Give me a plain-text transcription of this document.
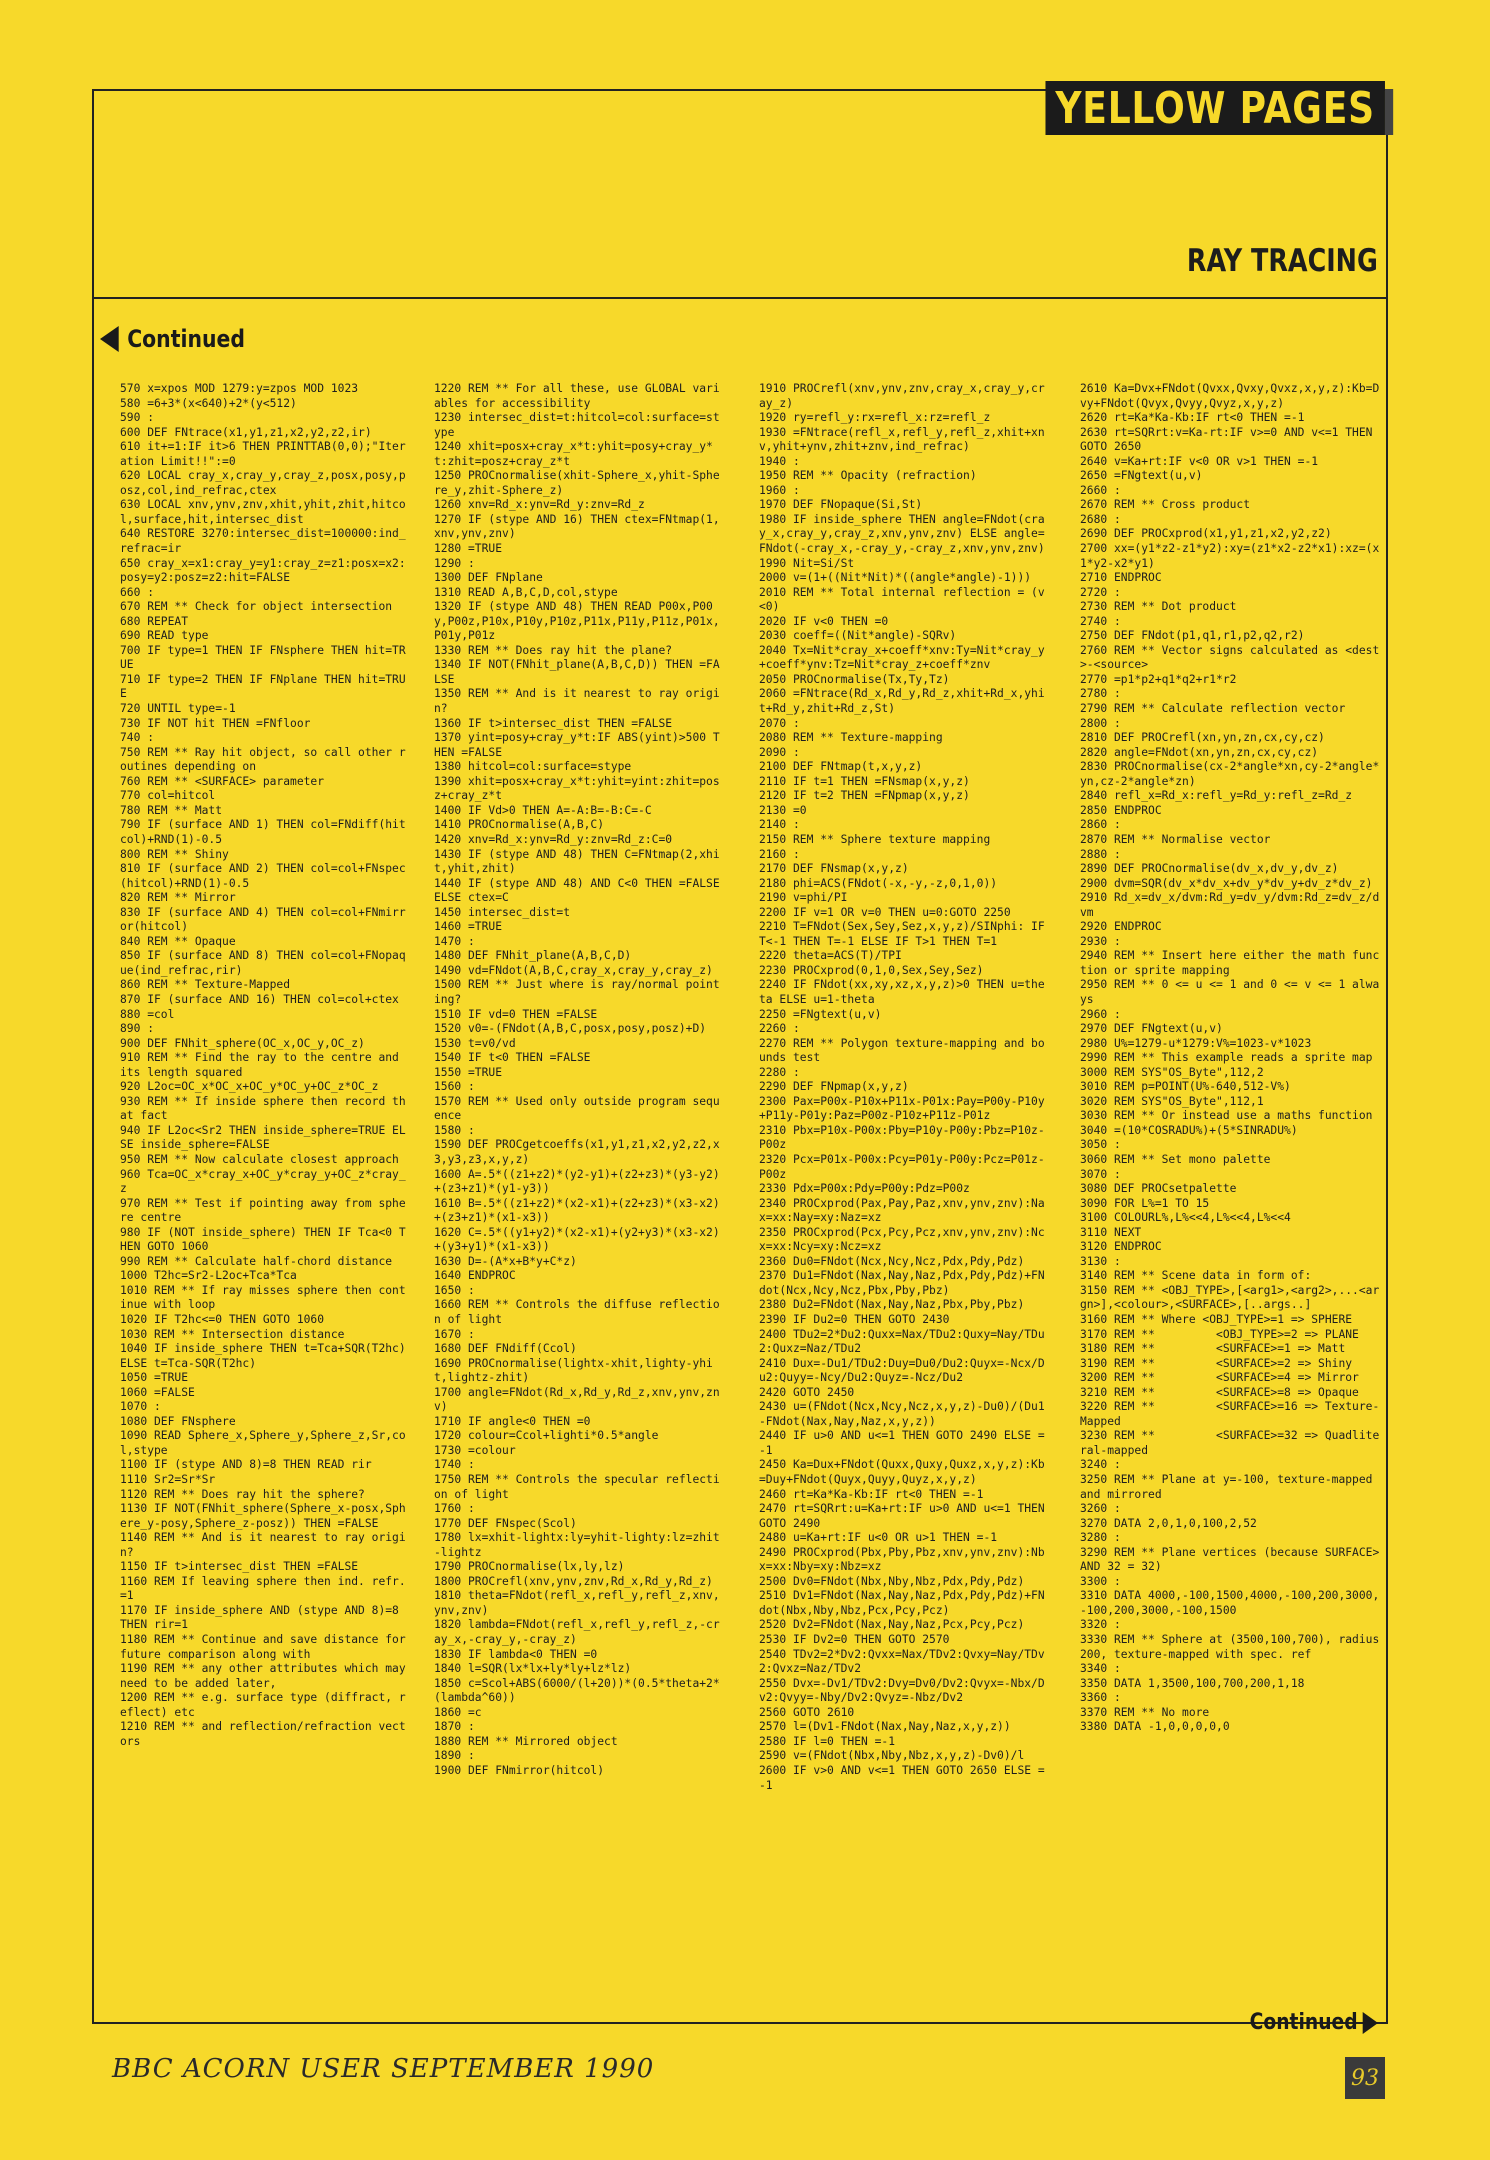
YELLOW PAGES
RAY TRACING
Continued
570 x=xpos MOD 1279:y=zpos MOD 1023
580 =6+3*(x<640)+2*(y<512)
590 :
600 DEF FNtrace(x1,y1,z1,x2,y2,z2,ir)
610 it+=1:IF it>6 THEN PRINTTAB(0,0);"Iteration Limit!!":=0
620 LOCAL cray_x,cray_y,cray_z,posx,posy,posz,col,ind_refrac,ctex
630 LOCAL xnv,ynv,znv,xhit,yhit,zhit,hitcol,surface,hit,intersec_dist
640 RESTORE 3270:intersec_dist=100000:ind_refrac=ir
650 cray_x=x1:cray_y=y1:cray_z=z1:posx=x2:posy=y2:posz=z2:hit=FALSE
660 :
670 REM ** Check for object intersection
680 REPEAT
690 READ type
700 IF type=1 THEN IF FNsphere THEN hit=TRUE
710 IF type=2 THEN IF FNplane THEN hit=TRUE
720 UNTIL type=-1
730 IF NOT hit THEN =FNfloor
740 :
750 REM ** Ray hit object, so call other routines depending on
760 REM ** <SURFACE> parameter
770 col=hitcol
780 REM ** Matt
790 IF (surface AND 1) THEN col=FNdiff(hitcol)+RND(1)-0.5
800 REM ** Shiny
810 IF (surface AND 2) THEN col=col+FNspec(hitcol)+RND(1)-0.5
820 REM ** Mirror
830 IF (surface AND 4) THEN col=col+FNmirror(hitcol)
840 REM ** Opaque
850 IF (surface AND 8) THEN col=col+FNopaque(ind_refrac,rir)
860 REM ** Texture-Mapped
870 IF (surface AND 16) THEN col=col+ctex
880 =col
890 :
900 DEF FNhit_sphere(OC_x,OC_y,OC_z)
910 REM ** Find the ray to the centre and its length squared
920 L2oc=OC_x*OC_x+OC_y*OC_y+OC_z*OC_z
930 REM ** If inside sphere then record that fact
940 IF L2oc<Sr2 THEN inside_sphere=TRUE ELSE inside_sphere=FALSE
950 REM ** Now calculate closest approach
960 Tca=OC_x*cray_x+OC_y*cray_y+OC_z*cray_z
970 REM ** Test if pointing away from sphere centre
980 IF (NOT inside_sphere) THEN IF Tca<0 THEN GOTO 1060
990 REM ** Calculate half-chord distance
1000 T2hc=Sr2-L2oc+Tca*Tca
1010 REM ** If ray misses sphere then continue with loop
1020 IF T2hc<=0 THEN GOTO 1060
1030 REM ** Intersection distance
1040 IF inside_sphere THEN t=Tca+SQR(T2hc) ELSE t=Tca-SQR(T2hc)
1050 =TRUE
1060 =FALSE
1070 :
1080 DEF FNsphere
1090 READ Sphere_x,Sphere_y,Sphere_z,Sr,col,stype
1100 IF (stype AND 8)=8 THEN READ rir
1110 Sr2=Sr*Sr
1120 REM ** Does ray hit the sphere?
1130 IF NOT(FNhit_sphere(Sphere_x-posx,Sphere_y-posy,Sphere_z-posz)) THEN =FALSE
1140 REM ** And is it nearest to ray origin?
1150 IF t>intersec_dist THEN =FALSE
1160 REM If leaving sphere then ind. refr. =1
1170 IF inside_sphere AND (stype AND 8)=8 THEN rir=1
1180 REM ** Continue and save distance for future comparison along with
1190 REM ** any other attributes which may need to be added later,
1200 REM ** e.g. surface type (diffract, reflect) etc
1210 REM ** and reflection/refraction vectors
1220 REM ** For all these, use GLOBAL variables for accessibility
1230 intersec_dist=t:hitcol=col:surface=stype
1240 xhit=posx+cray_x*t:yhit=posy+cray_y*t:zhit=posz+cray_z*t
1250 PROCnormalise(xhit-Sphere_x,yhit-Sphere_y,zhit-Sphere_z)
1260 xnv=Rd_x:ynv=Rd_y:znv=Rd_z
1270 IF (stype AND 16) THEN ctex=FNtmap(1,xnv,ynv,znv)
1280 =TRUE
1290 :
1300 DEF FNplane
1310 READ A,B,C,D,col,stype
1320 IF (stype AND 48) THEN READ P00x,P00y,P00z,P10x,P10y,P10z,P11x,P11y,P11z,P01x,P01y,P01z
1330 REM ** Does ray hit the plane?
1340 IF NOT(FNhit_plane(A,B,C,D)) THEN =FALSE
1350 REM ** And is it nearest to ray origin?
1360 IF t>intersec_dist THEN =FALSE
1370 yint=posy+cray_y*t:IF ABS(yint)>500 THEN =FALSE
1380 hitcol=col:surface=stype
1390 xhit=posx+cray_x*t:yhit=yint:zhit=posz+cray_z*t
1400 IF Vd>0 THEN A=-A:B=-B:C=-C
1410 PROCnormalise(A,B,C)
1420 xnv=Rd_x:ynv=Rd_y:znv=Rd_z:C=0
1430 IF (stype AND 48) THEN C=FNtmap(2,xhit,yhit,zhit)
1440 IF (stype AND 48) AND C<0 THEN =FALSE ELSE ctex=C
1450 intersec_dist=t
1460 =TRUE
1470 :
1480 DEF FNhit_plane(A,B,C,D)
1490 vd=FNdot(A,B,C,cray_x,cray_y,cray_z)
1500 REM ** Just where is ray/normal pointing?
1510 IF vd=0 THEN =FALSE
1520 v0=-(FNdot(A,B,C,posx,posy,posz)+D)
1530 t=v0/vd
1540 IF t<0 THEN =FALSE
1550 =TRUE
1560 :
1570 REM ** Used only outside program sequence
1580 :
1590 DEF PROCgetcoeffs(x1,y1,z1,x2,y2,z2,x3,y3,z3,x,y,z)
1600 A=.5*((z1+z2)*(y2-y1)+(z2+z3)*(y3-y2)+(z3+z1)*(y1-y3))
1610 B=.5*((z1+z2)*(x2-x1)+(z2+z3)*(x3-x2)+(z3+z1)*(x1-x3))
1620 C=.5*((y1+y2)*(x2-x1)+(y2+y3)*(x3-x2)+(y3+y1)*(x1-x3))
1630 D=-(A*x+B*y+C*z)
1640 ENDPROC
1650 :
1660 REM ** Controls the diffuse reflection of light
1670 :
1680 DEF FNdiff(Ccol)
1690 PROCnormalise(lightx-xhit,lighty-yhit,lightz-zhit)
1700 angle=FNdot(Rd_x,Rd_y,Rd_z,xnv,ynv,znv)
1710 IF angle<0 THEN =0
1720 colour=Ccol+lighti*0.5*angle
1730 =colour
1740 :
1750 REM ** Controls the specular reflection of light
1760 :
1770 DEF FNspec(Scol)
1780 lx=xhit-lightx:ly=yhit-lighty:lz=zhit-lightz
1790 PROCnormalise(lx,ly,lz)
1800 PROCrefl(xnv,ynv,znv,Rd_x,Rd_y,Rd_z)
1810 theta=FNdot(refl_x,refl_y,refl_z,xnv,ynv,znv)
1820 lambda=FNdot(refl_x,refl_y,refl_z,-cray_x,-cray_y,-cray_z)
1830 IF lambda<0 THEN =0
1840 l=SQR(lx*lx+ly*ly+lz*lz)
1850 c=Scol+ABS(6000/(l+20))*(0.5*theta+2*(lambda^60))
1860 =c
1870 :
1880 REM ** Mirrored object
1890 :
1900 DEF FNmirror(hitcol)
1910 PROCrefl(xnv,ynv,znv,cray_x,cray_y,cray_z)
1920 ry=refl_y:rx=refl_x:rz=refl_z
1930 =FNtrace(refl_x,refl_y,refl_z,xhit+xnv,yhit+ynv,zhit+znv,ind_refrac)
1940 :
1950 REM ** Opacity (refraction)
1960 :
1970 DEF FNopaque(Si,St)
1980 IF inside_sphere THEN angle=FNdot(cray_x,cray_y,cray_z,xnv,ynv,znv) ELSE angle=FNdot(-cray_x,-cray_y,-cray_z,xnv,ynv,znv)
1990 Nit=Si/St
2000 v=(1+((Nit*Nit)*((angle*angle)-1)))
2010 REM ** Total internal reflection = (v<0)
2020 IF v<0 THEN =0
2030 coeff=((Nit*angle)-SQRv)
2040 Tx=Nit*cray_x+coeff*xnv:Ty=Nit*cray_y+coeff*ynv:Tz=Nit*cray_z+coeff*znv
2050 PROCnormalise(Tx,Ty,Tz)
2060 =FNtrace(Rd_x,Rd_y,Rd_z,xhit+Rd_x,yhit+Rd_y,zhit+Rd_z,St)
2070 :
2080 REM ** Texture-mapping
2090 :
2100 DEF FNtmap(t,x,y,z)
2110 IF t=1 THEN =FNsmap(x,y,z)
2120 IF t=2 THEN =FNpmap(x,y,z)
2130 =0
2140 :
2150 REM ** Sphere texture mapping
2160 :
2170 DEF FNsmap(x,y,z)
2180 phi=ACS(FNdot(-x,-y,-z,0,1,0))
2190 v=phi/PI
2200 IF v=1 OR v=0 THEN u=0:GOTO 2250
2210 T=FNdot(Sex,Sey,Sez,x,y,z)/SINphi: IF T<-1 THEN T=-1 ELSE IF T>1 THEN T=1
2220 theta=ACS(T)/TPI
2230 PROCxprod(0,1,0,Sex,Sey,Sez)
2240 IF FNdot(xx,xy,xz,x,y,z)>0 THEN u=theta ELSE u=1-theta
2250 =FNgtext(u,v)
2260 :
2270 REM ** Polygon texture-mapping and bounds test
2280 :
2290 DEF FNpmap(x,y,z)
2300 Pax=P00x-P10x+P11x-P01x:Pay=P00y-P10y+P11y-P01y:Paz=P00z-P10z+P11z-P01z
2310 Pbx=P10x-P00x:Pby=P10y-P00y:Pbz=P10z-P00z
2320 Pcx=P01x-P00x:Pcy=P01y-P00y:Pcz=P01z-P00z
2330 Pdx=P00x:Pdy=P00y:Pdz=P00z
2340 PROCxprod(Pax,Pay,Paz,xnv,ynv,znv):Nax=xx:Nay=xy:Naz=xz
2350 PROCxprod(Pcx,Pcy,Pcz,xnv,ynv,znv):Ncx=xx:Ncy=xy:Ncz=xz
2360 Du0=FNdot(Ncx,Ncy,Ncz,Pdx,Pdy,Pdz)
2370 Du1=FNdot(Nax,Nay,Naz,Pdx,Pdy,Pdz)+FNdot(Ncx,Ncy,Ncz,Pbx,Pby,Pbz)
2380 Du2=FNdot(Nax,Nay,Naz,Pbx,Pby,Pbz)
2390 IF Du2=0 THEN GOTO 2430
2400 TDu2=2*Du2:Quxx=Nax/TDu2:Quxy=Nay/TDu2:Quxz=Naz/TDu2
2410 Dux=-Du1/TDu2:Duy=Du0/Du2:Quyx=-Ncx/Du2:Quyy=-Ncy/Du2:Quyz=-Ncz/Du2
2420 GOTO 2450
2430 u=(FNdot(Ncx,Ncy,Ncz,x,y,z)-Du0)/(Du1-FNdot(Nax,Nay,Naz,x,y,z))
2440 IF u>0 AND u<=1 THEN GOTO 2490 ELSE =-1
2450 Ka=Dux+FNdot(Quxx,Quxy,Quxz,x,y,z):Kb=Duy+FNdot(Quyx,Quyy,Quyz,x,y,z)
2460 rt=Ka*Ka-Kb:IF rt<0 THEN =-1
2470 rt=SQRrt:u=Ka+rt:IF u>0 AND u<=1 THEN GOTO 2490
2480 u=Ka+rt:IF u<0 OR u>1 THEN =-1
2490 PROCxprod(Pbx,Pby,Pbz,xnv,ynv,znv):Nbx=xx:Nby=xy:Nbz=xz
2500 Dv0=FNdot(Nbx,Nby,Nbz,Pdx,Pdy,Pdz)
2510 Dv1=FNdot(Nax,Nay,Naz,Pdx,Pdy,Pdz)+FNdot(Nbx,Nby,Nbz,Pcx,Pcy,Pcz)
2520 Dv2=FNdot(Nax,Nay,Naz,Pcx,Pcy,Pcz)
2530 IF Dv2=0 THEN GOTO 2570
2540 TDv2=2*Dv2:Qvxx=Nax/TDv2:Qvxy=Nay/TDv2:Qvxz=Naz/TDv2
2550 Dvx=-Dv1/TDv2:Dvy=Dv0/Dv2:Qvyx=-Nbx/Dv2:Qvyy=-Nby/Dv2:Qvyz=-Nbz/Dv2
2560 GOTO 2610
2570 l=(Dv1-FNdot(Nax,Nay,Naz,x,y,z))
2580 IF l=0 THEN =-1
2590 v=(FNdot(Nbx,Nby,Nbz,x,y,z)-Dv0)/l
2600 IF v>0 AND v<=1 THEN GOTO 2650 ELSE =-1
2610 Ka=Dvx+FNdot(Qvxx,Qvxy,Qvxz,x,y,z):Kb=Dvy+FNdot(Qvyx,Qvyy,Qvyz,x,y,z)
2620 rt=Ka*Ka-Kb:IF rt<0 THEN =-1
2630 rt=SQRrt:v=Ka-rt:IF v>=0 AND v<=1 THEN GOTO 2650
2640 v=Ka+rt:IF v<0 OR v>1 THEN =-1
2650 =FNgtext(u,v)
2660 :
2670 REM ** Cross product
2680 :
2690 DEF PROCxprod(x1,y1,z1,x2,y2,z2)
2700 xx=(y1*z2-z1*y2):xy=(z1*x2-z2*x1):xz=(x1*y2-x2*y1)
2710 ENDPROC
2720 :
2730 REM ** Dot product
2740 :
2750 DEF FNdot(p1,q1,r1,p2,q2,r2)
2760 REM ** Vector signs calculated as <dest>-<source>
2770 =p1*p2+q1*q2+r1*r2
2780 :
2790 REM ** Calculate reflection vector
2800 :
2810 DEF PROCrefl(xn,yn,zn,cx,cy,cz)
2820 angle=FNdot(xn,yn,zn,cx,cy,cz)
2830 PROCnormalise(cx-2*angle*xn,cy-2*angle*yn,cz-2*angle*zn)
2840 refl_x=Rd_x:refl_y=Rd_y:refl_z=Rd_z
2850 ENDPROC
2860 :
2870 REM ** Normalise vector
2880 :
2890 DEF PROCnormalise(dv_x,dv_y,dv_z)
2900 dvm=SQR(dv_x*dv_x+dv_y*dv_y+dv_z*dv_z)
2910 Rd_x=dv_x/dvm:Rd_y=dv_y/dvm:Rd_z=dv_z/dvm
2920 ENDPROC
2930 :
2940 REM ** Insert here either the math function or sprite mapping
2950 REM ** 0 <= u <= 1 and 0 <= v <= 1 always
2960 :
2970 DEF FNgtext(u,v)
2980 U%=1279-u*1279:V%=1023-v*1023
2990 REM ** This example reads a sprite map
3000 REM SYS"OS_Byte",112,2
3010 REM p=POINT(U%-640,512-V%)
3020 REM SYS"OS_Byte",112,1
3030 REM ** Or instead use a maths function
3040 =(10*COSRADU%)+(5*SINRADU%)
3050 :
3060 REM ** Set mono palette
3070 :
3080 DEF PROCsetpalette
3090 FOR L%=1 TO 15
3100 COLOURL%,L%<<4,L%<<4,L%<<4
3110 NEXT
3120 ENDPROC
3130 :
3140 REM ** Scene data in form of:
3150 REM ** <OBJ_TYPE>,[<arg1>,<arg2>,...<argn>],<colour>,<SURFACE>,[..args..]
3160 REM ** Where <OBJ_TYPE>=1 => SPHERE
3170 REM **         <OBJ_TYPE>=2 => PLANE
3180 REM **         <SURFACE>=1 => Matt
3190 REM **         <SURFACE>=2 => Shiny
3200 REM **         <SURFACE>=4 => Mirror
3210 REM **         <SURFACE>=8 => Opaque
3220 REM **         <SURFACE>=16 => Texture-Mapped
3230 REM **         <SURFACE>=32 => Quadliteral-mapped
3240 :
3250 REM ** Plane at y=-100, texture-mapped and mirrored
3260 :
3270 DATA 2,0,1,0,100,2,52
3280 :
3290 REM ** Plane vertices (because SURFACE> AND 32 = 32)
3300 :
3310 DATA 4000,-100,1500,4000,-100,200,3000,-100,200,3000,-100,1500
3320 :
3330 REM ** Sphere at (3500,100,700), radius 200, texture-mapped with spec. ref
3340 :
3350 DATA 1,3500,100,700,200,1,18
3360 :
3370 REM ** No more
3380 DATA -1,0,0,0,0,0
Continued
BBC ACORN USER SEPTEMBER 1990	93
